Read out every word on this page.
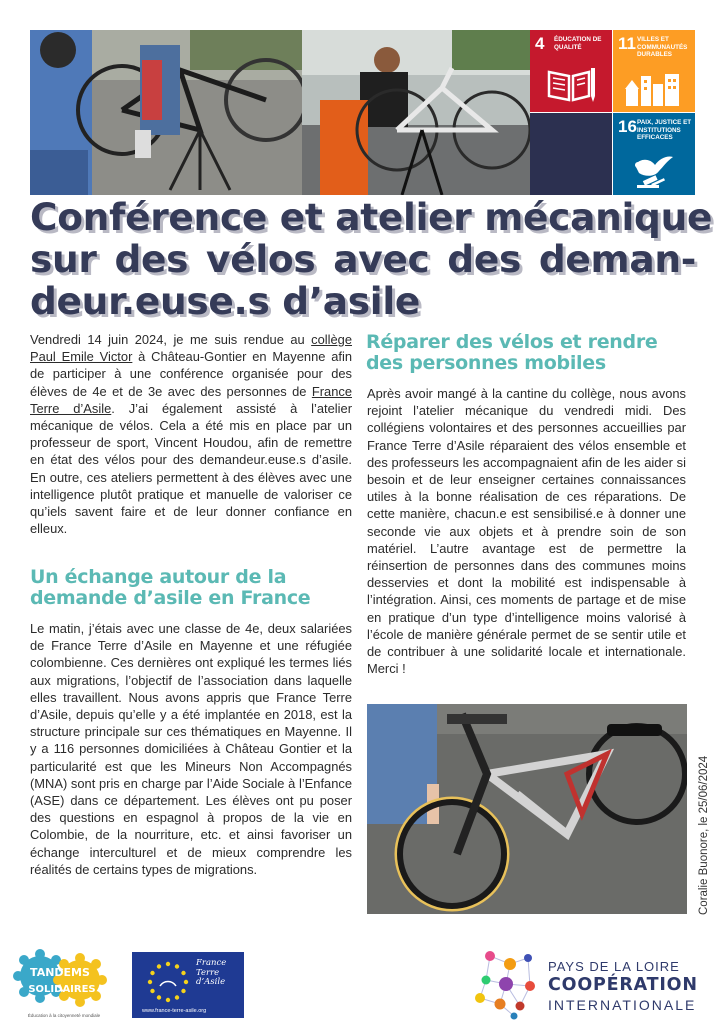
4 ÉDUCATION DE QUALITÉ	11 VILLES ET COMMUNAUTÉS DURABLES
16 PAIX, JUSTICE ET INSTITUTIONS EFFICACES
Conférence et atelier mécanique
sur des vélos avec des deman-
deur.euse.s d’asile

Vendredi 14 juin 2024, je me suis rendue au collège Paul Emile Victor à Château-Gontier en Mayenne afin de participer à une conférence organisée pour des élèves de 4e et de 3e avec des personnes de France Terre d’Asile. J’ai également assisté à l’atelier mécanique de vélos. Cela a été mis en place par un professeur de sport, Vincent Houdou, afin de remettre en état des vélos pour des demandeur.euse.s d’asile. En outre, ces ateliers permettent à des élèves avec une intelligence plutôt pratique et manuelle de valoriser ce qu’iels savent faire et de leur donner confiance en elleux.

Un échange autour de la demande d’asile en France

Le matin, j’étais avec une classe de 4e, deux salariées de France Terre d’Asile en Mayenne et une réfugiée colombienne. Ces dernières ont expliqué les termes liés aux migrations, l’objectif de l’association dans laquelle elles travaillent. Nous avons appris que France Terre d’Asile, depuis qu’elle y a été implantée en 2018, est la structure principale sur ces thématiques en Mayenne. Il y a 116 personnes domiciliées à Château Gontier et la particularité est que les Mineurs Non Accompagnés (MNA) sont pris en charge par l’Aide Sociale à l’Enfance (ASE) dans ce département. Les élèves ont pu poser des questions en espagnol à propos de la vie en Colombie, de la nourriture, etc. et ainsi favoriser un échange interculturel et de mieux comprendre les réalités de certains types de migrations.

Réparer des vélos et rendre des personnes mobiles

Après avoir mangé à la cantine du collège, nous avons rejoint l’atelier mécanique du vendredi midi. Des collégiens volontaires et des personnes accueillies par France Terre d’Asile réparaient des vélos ensemble et des professeurs les accompagnaient afin de les aider si besoin et de leur enseigner certaines connaissances utiles à la bonne réalisation de ces réparations. De cette manière, chacun.e est sensibilisé.e à donner une seconde vie aux objets et à prendre soin de son matériel. L’autre avantage est de permettre la réinsertion de personnes dans des communes moins desservies et dont la mobilité est indispensable à l’intégration. Ainsi, ces moments de partage et de mise en pratique d’un type d’intelligence moins valorisé à l’école de manière générale permet de se sentir utile et de contribuer à une solidarité locale et internationale. Merci !

Coralie Buonore, le 25/06/2024
TANDEMS
SOLIDAIRES
Éducation à la citoyenneté mondiale
France
Terre
d’Asile
www.france-terre-asile.org
PAYS DE LA LOIRE
COOPÉRATION
INTERNATIONALE
